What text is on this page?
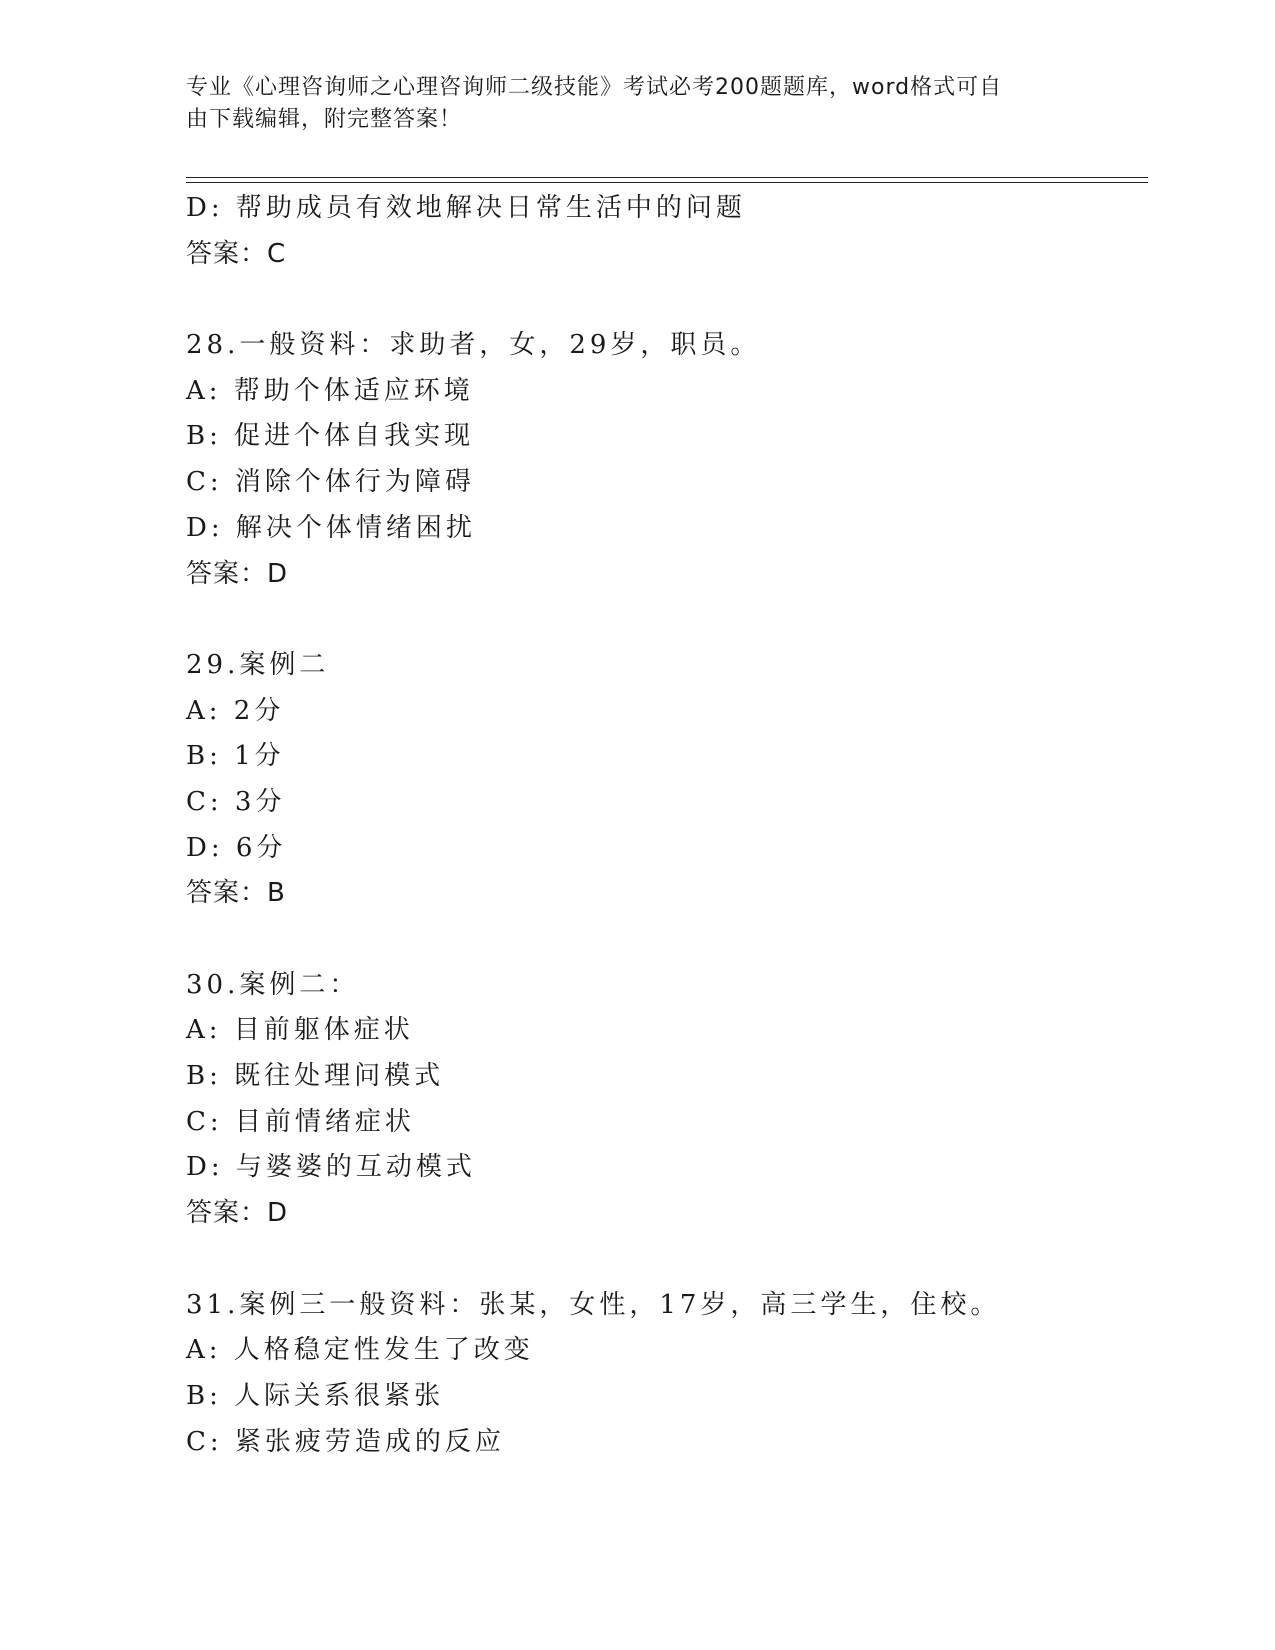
专业《心理咨询师之心理咨询师二级技能》考试必考200题题库，word格式可自
由下载编辑，附完整答案！
D: 帮助成员有效地解决日常生活中的问题
答案：C
28.一般资料：求助者，女，29岁，职员。
A: 帮助个体适应环境
B: 促进个体自我实现
C: 消除个体行为障碍
D: 解决个体情绪困扰
答案：D
29.案例二
A: 2分
B: 1分
C: 3分
D: 6分
答案：B
30.案例二：
A: 目前躯体症状
B: 既往处理问模式
C: 目前情绪症状
D: 与婆婆的互动模式
答案：D
31.案例三一般资料：张某，女性，17岁，高三学生，住校。
A: 人格稳定性发生了改变
B: 人际关系很紧张
C: 紧张疲劳造成的反应
